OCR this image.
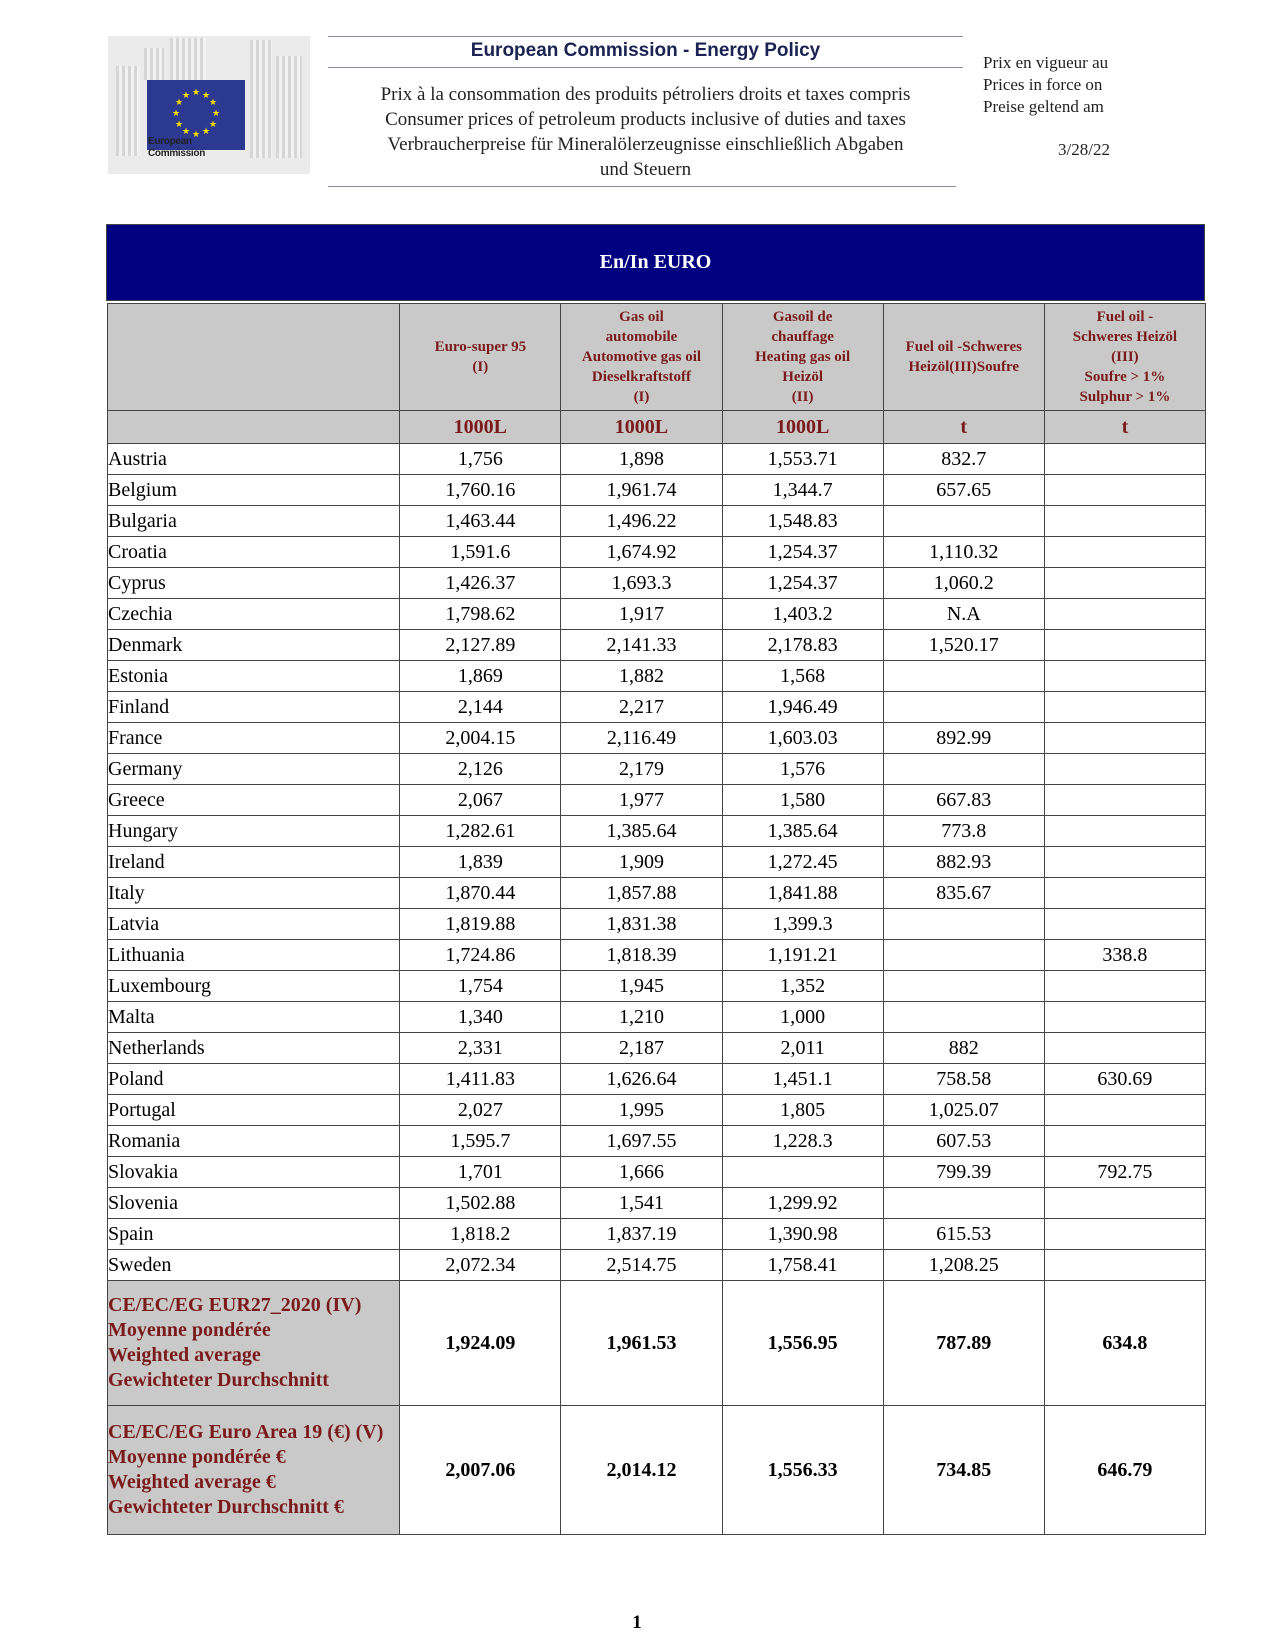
★ ★
★
★
★
★
★
★
★
★
★
★
European
Commission
European Commission - Energy Policy
Prix à la consommation des produits pétroliers droits et taxes compris
Consumer prices of petroleum products inclusive of duties and taxes
Verbraucherpreise für Mineralölerzeugnisse einschließlich Abgaben
und Steuern
Prix en vigueur au
Prices in force on
Preise geltend am
3/28/22
En/In EURO

	Euro-super 95
(I)	Gas oil
automobile
Automotive gas oil
Dieselkraftstoff
(I)	Gasoil de
chauffage
Heating gas oil
Heizöl
(II)	Fuel oil -Schweres
Heizöl(III)Soufre	Fuel oil -
Schweres Heizöl
(III)
Soufre > 1%
Sulphur > 1%

	1000L	1000L	1000L	t	t
Austria	1,756	1,898	1,553.71	832.7	
Belgium	1,760.16	1,961.74	1,344.7	657.65	
Bulgaria	1,463.44	1,496.22	1,548.83		
Croatia	1,591.6	1,674.92	1,254.37	1,110.32	
Cyprus	1,426.37	1,693.3	1,254.37	1,060.2	
Czechia	1,798.62	1,917	1,403.2	N.A	
Denmark	2,127.89	2,141.33	2,178.83	1,520.17	
Estonia	1,869	1,882	1,568		
Finland	2,144	2,217	1,946.49		
France	2,004.15	2,116.49	1,603.03	892.99	
Germany	2,126	2,179	1,576		
Greece	2,067	1,977	1,580	667.83	
Hungary	1,282.61	1,385.64	1,385.64	773.8	
Ireland	1,839	1,909	1,272.45	882.93	
Italy	1,870.44	1,857.88	1,841.88	835.67	
Latvia	1,819.88	1,831.38	1,399.3		
Lithuania	1,724.86	1,818.39	1,191.21		338.8
Luxembourg	1,754	1,945	1,352		
Malta	1,340	1,210	1,000		
Netherlands	2,331	2,187	2,011	882	
Poland	1,411.83	1,626.64	1,451.1	758.58	630.69
Portugal	2,027	1,995	1,805	1,025.07	
Romania	1,595.7	1,697.55	1,228.3	607.53	
Slovakia	1,701	1,666		799.39	792.75
Slovenia	1,502.88	1,541	1,299.92		
Spain	1,818.2	1,837.19	1,390.98	615.53	
Sweden	2,072.34	2,514.75	1,758.41	1,208.25	

CE/EC/EG EUR27_2020 (IV)
Moyenne pondérée
Weighted average
Gewichteter Durchschnitt	1,924.09	1,961.53	1,556.95	787.89	634.8

CE/EC/EG Euro Area 19 (€) (V)
Moyenne pondérée €
Weighted average €
Gewichteter Durchschnitt €	2,007.06	2,014.12	1,556.33	734.85	646.79
1
